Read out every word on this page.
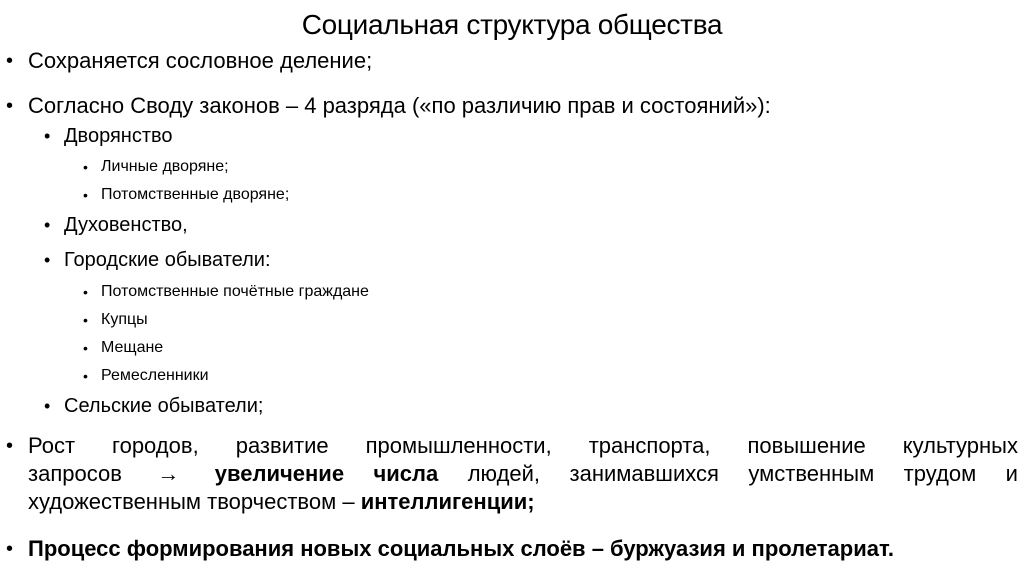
Социальная структура общества

• Сохраняется сословное деление;

• Согласно Своду законов – 4 разряда («по различию прав и состояний»):

• Дворянство

• Личные дворяне;

• Потомственные дворяне;

• Духовенство,

• Городские обыватели:

• Потомственные почётные граждане

• Купцы

• Мещане

• Ремесленники

• Сельские обыватели;

• Рост городов, развитие промышленности, транспорта, повышение культурных
запросов → увеличение числа людей, занимавшихся умственным трудом и
художественным творчеством – интеллигенции;

• Процесс формирования новых социальных слоёв – буржуазия и пролетариат.
